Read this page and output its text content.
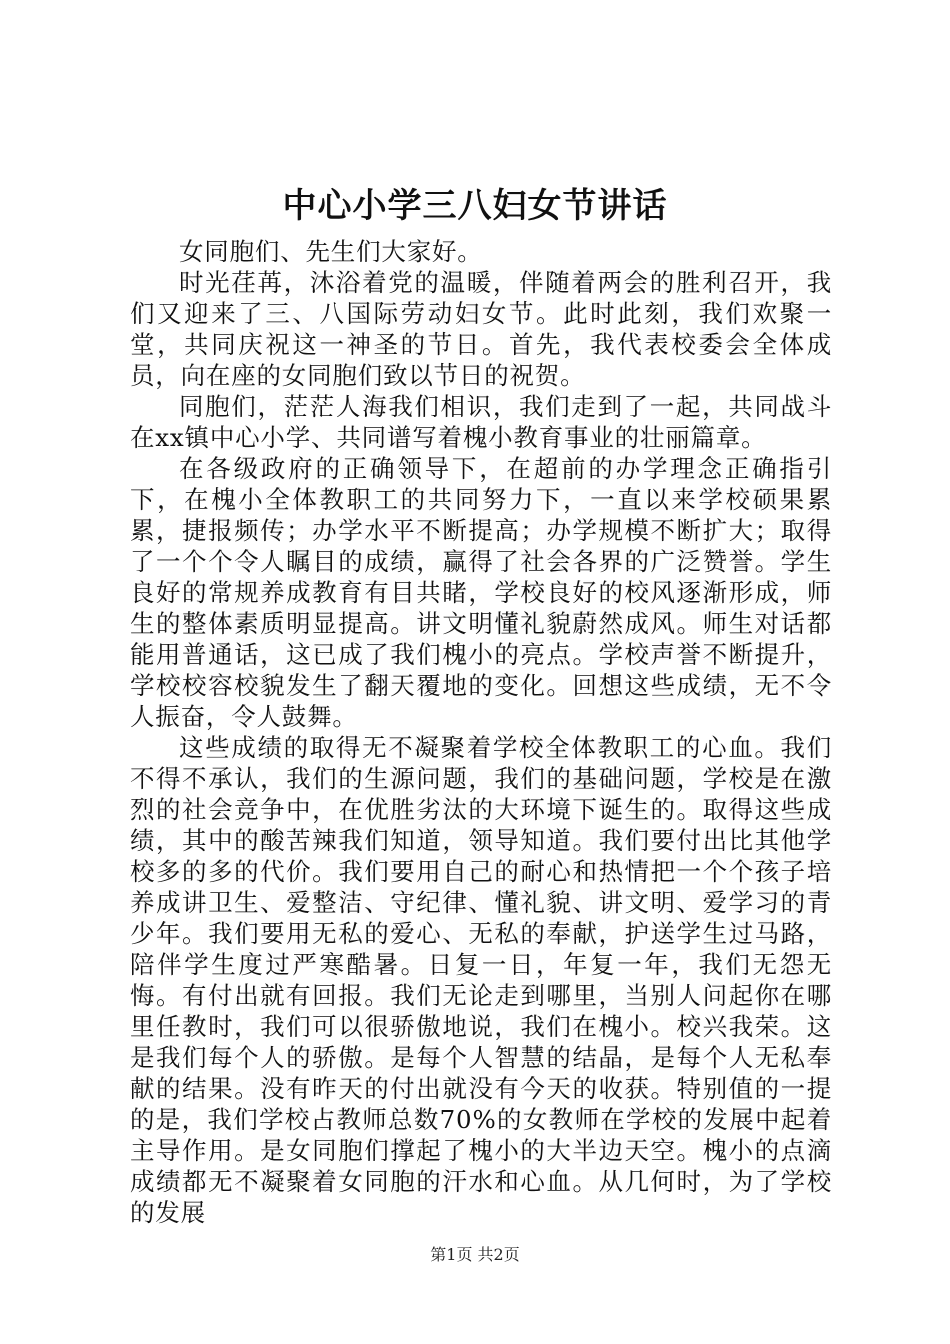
中心小学三八妇女节讲话

女同胞们、先生们大家好。

时光荏苒，沐浴着党的温暖，伴随着两会的胜利召开，我们又迎来了三、八国际劳动妇女节。此时此刻，我们欢聚一堂，共同庆祝这一神圣的节日。首先，我代表校委会全体成员，向在座的女同胞们致以节日的祝贺。

同胞们，茫茫人海我们相识，我们走到了一起，共同战斗在xx镇中心小学、共同谱写着槐小教育事业的壮丽篇章。

在各级政府的正确领导下，在超前的办学理念正确指引下，在槐小全体教职工的共同努力下，一直以来学校硕果累累，捷报频传；办学水平不断提高；办学规模不断扩大；取得了一个个令人瞩目的成绩，赢得了社会各界的广泛赞誉。学生良好的常规养成教育有目共睹，学校良好的校风逐渐形成，师生的整体素质明显提高。讲文明懂礼貌蔚然成风。师生对话都能用普通话，这已成了我们槐小的亮点。学校声誉不断提升，学校校容校貌发生了翻天覆地的变化。回想这些成绩，无不令人振奋，令人鼓舞。

这些成绩的取得无不凝聚着学校全体教职工的心血。我们不得不承认，我们的生源问题，我们的基础问题，学校是在激烈的社会竞争中，在优胜劣汰的大环境下诞生的。取得这些成绩，其中的酸苦辣我们知道，领导知道。我们要付出比其他学校多的多的代价。我们要用自己的耐心和热情把一个个孩子培养成讲卫生、爱整洁、守纪律、懂礼貌、讲文明、爱学习的青少年。我们要用无私的爱心、无私的奉献，护送学生过马路，陪伴学生度过严寒酷暑。日复一日，年复一年，我们无怨无悔。有付出就有回报。我们无论走到哪里，当别人问起你在哪里任教时，我们可以很骄傲地说，我们在槐小。校兴我荣。这是我们每个人的骄傲。是每个人智慧的结晶，是每个人无私奉献的结果。没有昨天的付出就没有今天的收获。特别值的一提的是，我们学校占教师总数70%的女教师在学校的发展中起着主导作用。是女同胞们撑起了槐小的大半边天空。槐小的点滴成绩都无不凝聚着女同胞的汗水和心血。从几何时，为了学校的发展

第1页 共2页
